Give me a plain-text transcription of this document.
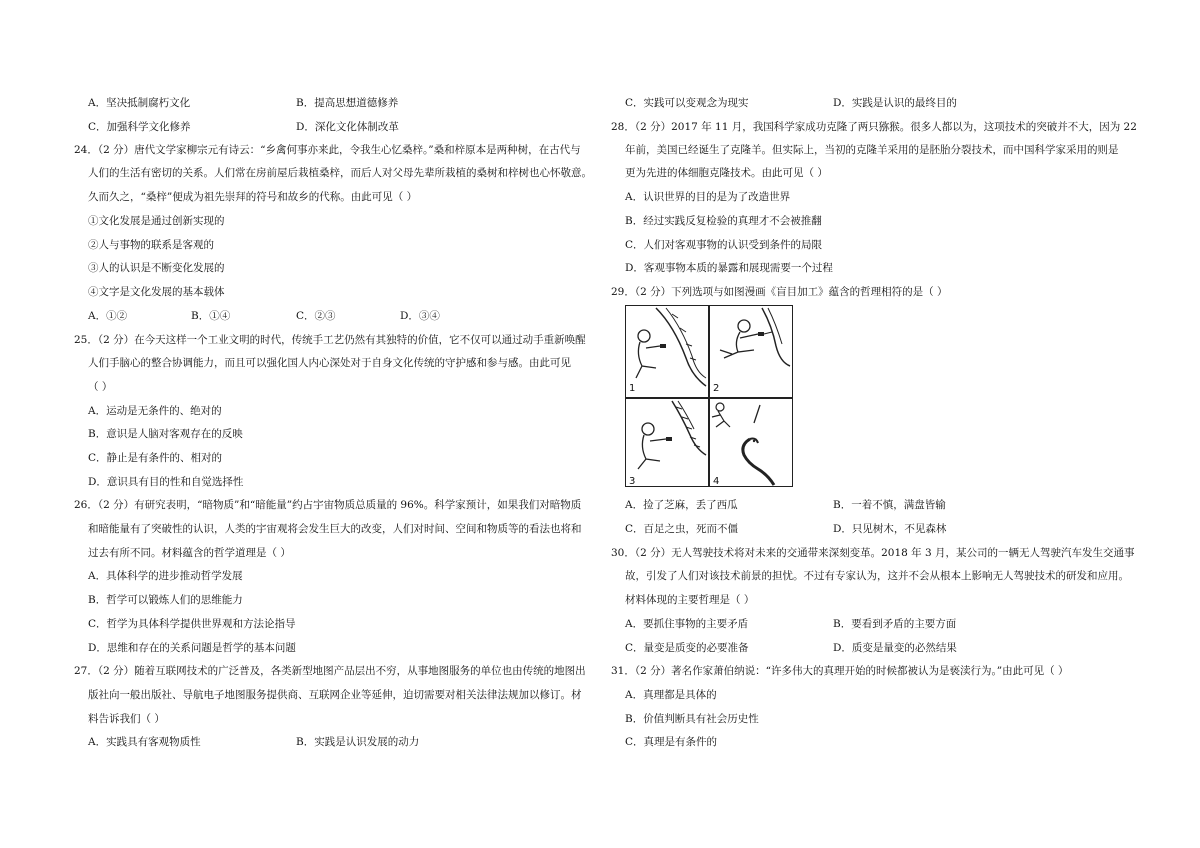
A．坚决抵制腐朽文化	B．提高思想道德修养
C．加强科学文化修养	D．深化文化体制改革
24．（2 分）唐代文学家柳宗元有诗云：“乡禽何事亦来此，令我生心忆桑梓。”桑和梓原本是两种树，在古代与
人们的生活有密切的关系。人们常在房前屋后栽植桑梓，而后人对父母先辈所栽植的桑树和梓树也心怀敬意。
久而久之，“桑梓”便成为祖先崇拜的符号和故乡的代称。由此可见（ ）
①文化发展是通过创新实现的
②人与事物的联系是客观的
③人的认识是不断变化发展的
④文字是文化发展的基本载体
A．①②	B．①④	C．②③	D．③④
25．（2 分）在今天这样一个工业文明的时代，传统手工艺仍然有其独特的价值，它不仅可以通过动手重新唤醒
人们手脑心的整合协调能力，而且可以强化国人内心深处对于自身文化传统的守护感和参与感。由此可见
（ ）
A．运动是无条件的、绝对的
B．意识是人脑对客观存在的反映
C．静止是有条件的、相对的
D．意识具有目的性和自觉选择性
26．（2 分）有研究表明，“暗物质”和“暗能量”约占宇宙物质总质量的 96%。科学家预计，如果我们对暗物质
和暗能量有了突破性的认识，人类的宇宙观将会发生巨大的改变，人们对时间、空间和物质等的看法也将和
过去有所不同。材料蕴含的哲学道理是（ ）
A．具体科学的进步推动哲学发展
B．哲学可以锻炼人们的思维能力
C．哲学为具体科学提供世界观和方法论指导
D．思维和存在的关系问题是哲学的基本问题
27．（2 分）随着互联网技术的广泛普及，各类新型地图产品层出不穷，从事地图服务的单位也由传统的地图出
版社向一般出版社、导航电子地图服务提供商、互联网企业等延伸，迫切需要对相关法律法规加以修订。材
料告诉我们（ ）
A．实践具有客观物质性	B．实践是认识发展的动力
C．实践可以变观念为现实	D．实践是认识的最终目的
28．（2 分）2017 年 11 月，我国科学家成功克隆了两只猕猴。很多人都以为，这项技术的突破并不大，因为 22
年前，美国已经诞生了克隆羊。但实际上，当初的克隆羊采用的是胚胎分裂技术，而中国科学家采用的则是
更为先进的体细胞克隆技术。由此可见（ ）
A．认识世界的目的是为了改造世界
B．经过实践反复检验的真理才不会被推翻
C．人们对客观事物的认识受到条件的局限
D．客观事物本质的暴露和展现需要一个过程
29．（2 分）下列选项与如图漫画《盲目加工》蕴含的哲理相符的是（ ）
1	2
3	4
A．捡了芝麻，丢了西瓜	B．一着不慎，满盘皆输
C．百足之虫，死而不僵	D．只见树木，不见森林
30．（2 分）无人驾驶技术将对未来的交通带来深刻变革。2018 年 3 月，某公司的一辆无人驾驶汽车发生交通事
故，引发了人们对该技术前景的担忧。不过有专家认为，这并不会从根本上影响无人驾驶技术的研发和应用。
材料体现的主要哲理是（ ）
A．要抓住事物的主要矛盾	B．要看到矛盾的主要方面
C．量变是质变的必要准备	D．质变是量变的必然结果
31．（2 分）著名作家萧伯纳说：“许多伟大的真理开始的时候都被认为是亵渎行为。”由此可见（ ）
A．真理都是具体的
B．价值判断具有社会历史性
C．真理是有条件的
